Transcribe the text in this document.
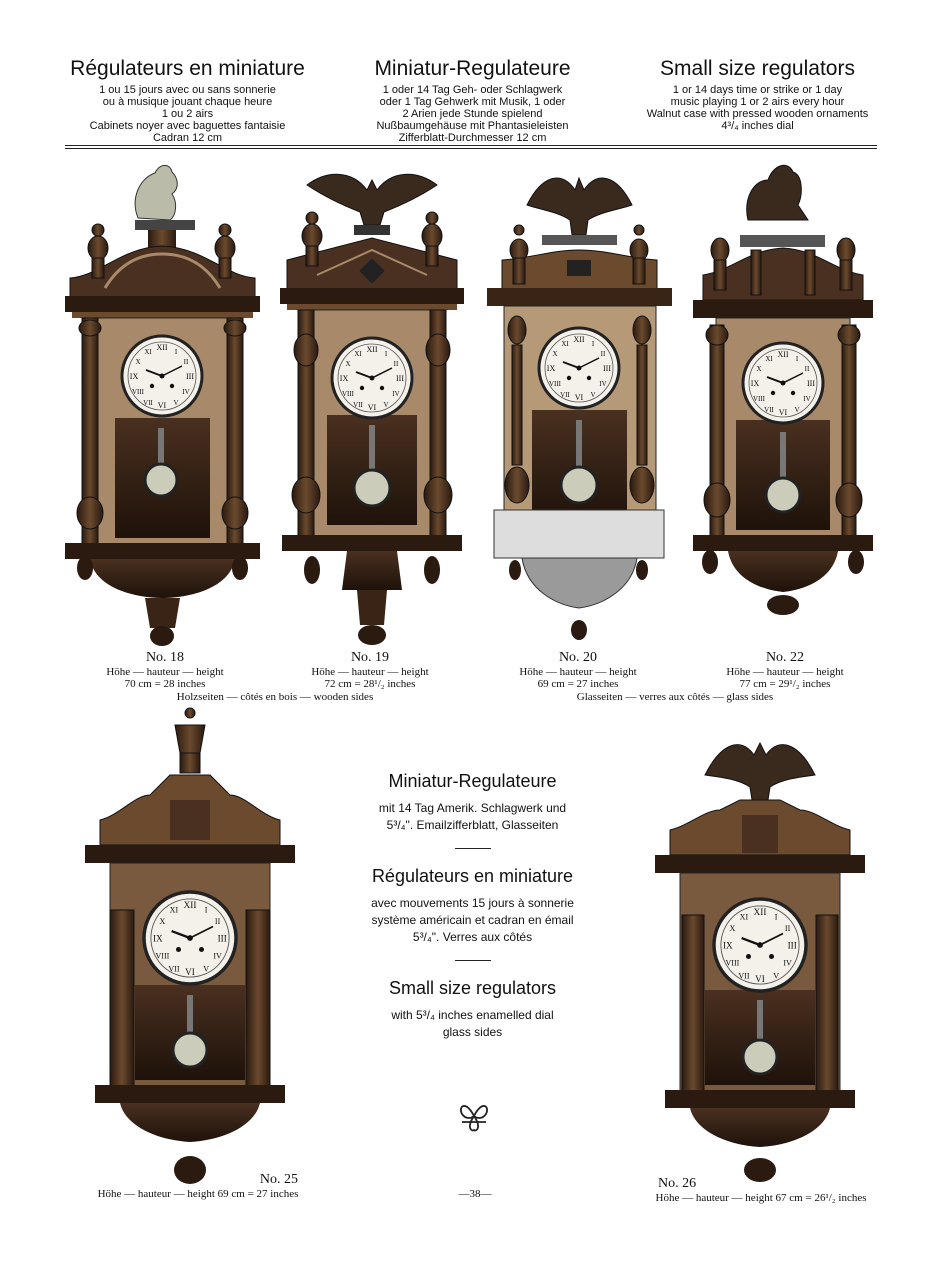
Régulateurs en miniature
1 ou 15 jours avec ou sans sonnerie
ou à musique jouant chaque heure
1 ou 2 airs
Cabinets noyer avec baguettes fantaisie
Cadran 12 cm
Miniatur-Regulateure
1 oder 14 Tag Geh- oder Schlagwerk
oder 1 Tag Gehwerk mit Musik, 1 oder
2 Arien jede Stunde spielend
Nußbaumgehäuse mit Phantasieleisten
Zifferblatt-Durchmesser 12 cm
Small size regulators
1 or 14 days time or strike or 1 day
music playing 1 or 2 airs every hour
Walnut case with pressed wooden ornaments
4³/₄ inches dial
No. 18
Höhe — hauteur — height
70 cm = 28 inches
No. 19
Höhe — hauteur — height
72 cm = 28¹/₂ inches
No. 20
Höhe — hauteur — height
69 cm = 27 inches
No. 22
Höhe — hauteur — height
77 cm = 29¹/₂ inches
Holzseiten — côtés en bois — wooden sides	Glasseiten — verres aux côtés — glass sides
Miniatur-Regulateure
mit 14 Tag Amerik. Schlagwerk und
5³/₄". Emailzifferblatt, Glasseiten
Régulateurs en miniature
avec mouvements 15 jours à sonnerie
système américain et cadran en émail
5³/₄". Verres aux côtés
Small size regulators
with 5³/₄ inches enamelled dial
glass sides
No. 25
Höhe — hauteur — height 69 cm = 27 inches
No. 26
Höhe — hauteur — height 67 cm = 26¹/₂ inches
—38—
